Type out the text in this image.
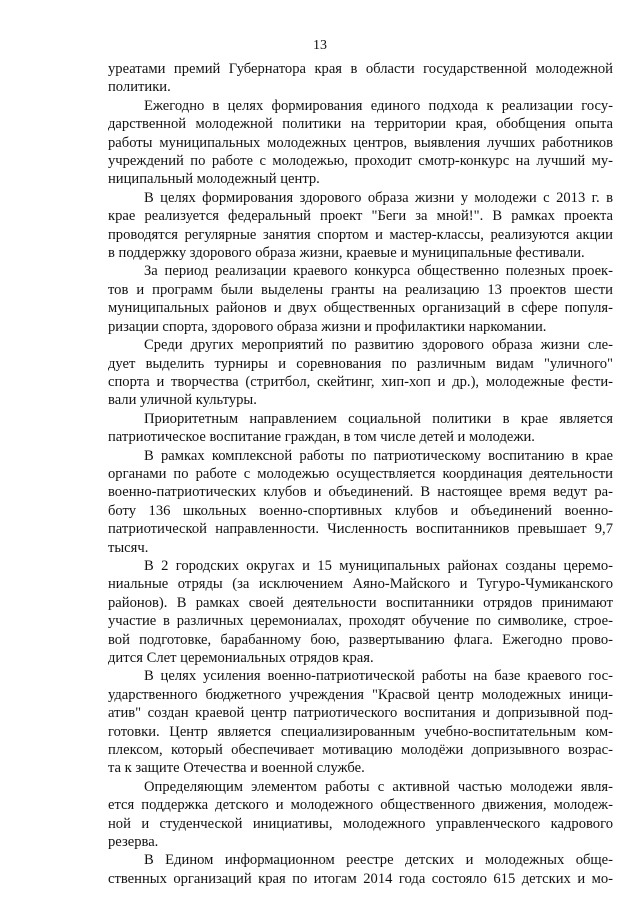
13
уреатами премий Губернатора края в области государственной молодежной
политики.
Ежегодно в целях формирования единого подхода к реализации госу-
дарственной молодежной политики на территории края, обобщения опыта
работы муниципальных молодежных центров, выявления лучших работников
учреждений по работе с молодежью, проходит смотр-конкурс на лучший му-
ниципальный молодежный центр.
В целях формирования здорового образа жизни у молодежи с 2013 г. в
крае реализуется федеральный проект "Беги за мной!". В рамках проекта
проводятся регулярные занятия спортом и мастер-классы, реализуются акции
в поддержку здорового образа жизни, краевые и муниципальные фестивали.
За период реализации краевого конкурса общественно полезных проек-
тов и программ были выделены гранты на реализацию 13 проектов шести
муниципальных районов и двух общественных организаций в сфере популя-
ризации спорта, здорового образа жизни и профилактики наркомании.
Среди других мероприятий по развитию здорового образа жизни сле-
дует выделить турниры и соревнования по различным видам "уличного"
спорта и творчества (стритбол, скейтинг, хип-хоп и др.), молодежные фести-
вали уличной культуры.
Приоритетным направлением социальной политики в крае является
патриотическое воспитание граждан, в том числе детей и молодежи.
В рамках комплексной работы по патриотическому воспитанию в крае
органами по работе с молодежью осуществляется координация деятельности
военно-патриотических клубов и объединений. В настоящее время ведут ра-
боту 136 школьных военно-спортивных клубов и объединений военно-
патриотической направленности. Численность воспитанников превышает 9,7
тысяч.
В 2 городских округах и 15 муниципальных районах созданы церемо-
ниальные отряды (за исключением Аяно-Майского и Тугуро-Чумиканского
районов). В рамках своей деятельности воспитанники отрядов принимают
участие в различных церемониалах, проходят обучение по символике, строе-
вой подготовке, барабанному бою, развертыванию флага. Ежегодно прово-
дится Слет церемониальных отрядов края.
В целях усиления военно-патриотической работы на базе краевого гос-
ударственного бюджетного учреждения "Красвой центр молодежных иници-
атив" создан краевой центр патриотического воспитания и допризывной под-
готовки. Центр является специализированным учебно-воспитательным ком-
плексом, который обеспечивает мотивацию молодёжи допризывного возрас-
та к защите Отечества и военной службе.
Определяющим элементом работы с активной частью молодежи явля-
ется поддержка детского и молодежного общественного движения, молодеж-
ной и студенческой инициативы, молодежного управленческого кадрового
резерва.
В Едином информационном реестре детских и молодежных обще-
ственных организаций края по итогам 2014 года состояло 615 детских и мо-
